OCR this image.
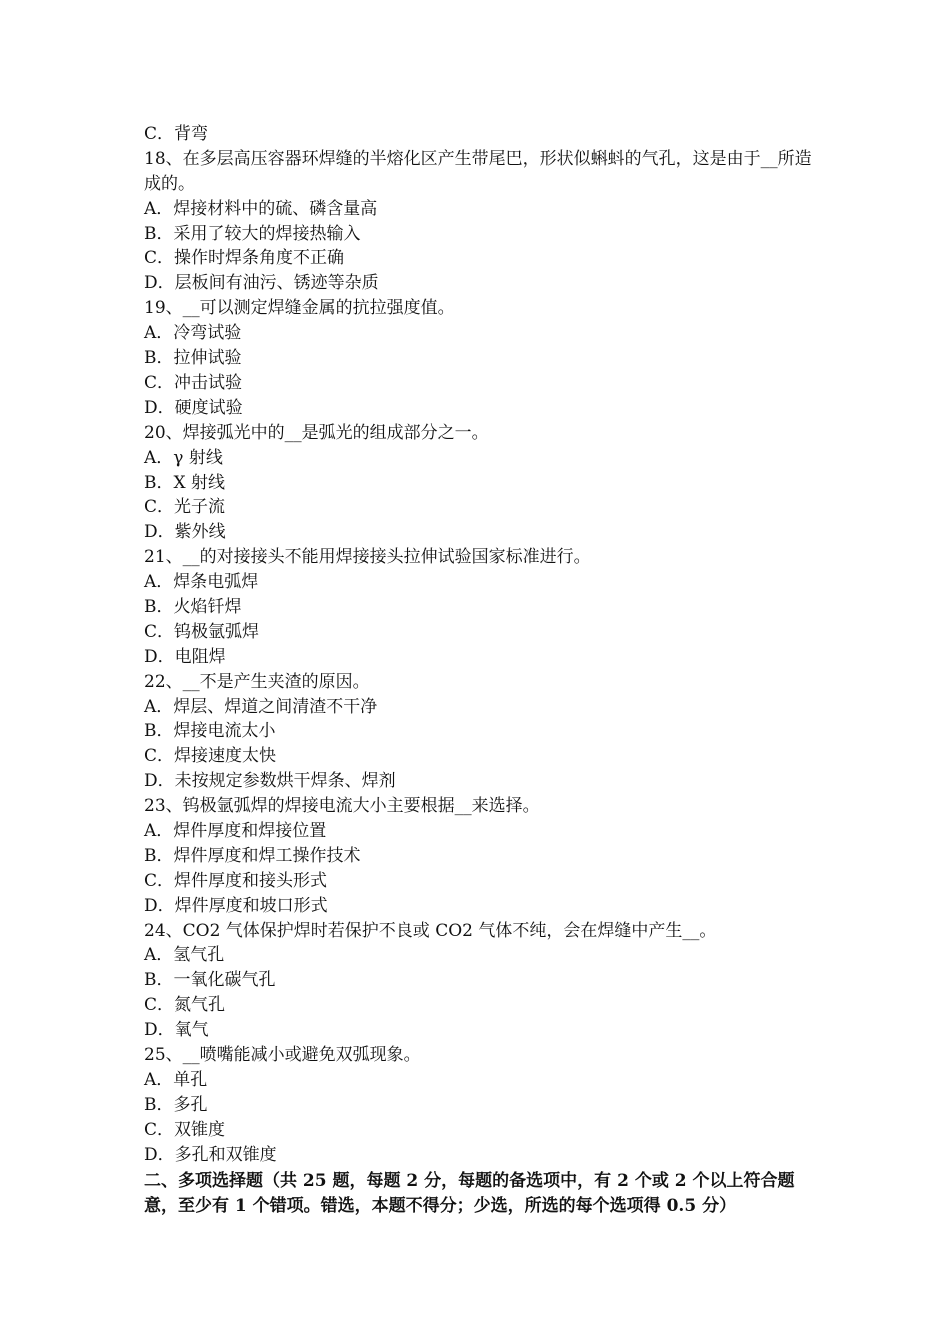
C．背弯
18、在多层高压容器环焊缝的半熔化区产生带尾巴，形状似蝌蚪的气孔，这是由于__所造成的。
A．焊接材料中的硫、磷含量高
B．采用了较大的焊接热输入
C．操作时焊条角度不正确
D．层板间有油污、锈迹等杂质
19、__可以测定焊缝金属的抗拉强度值。
A．冷弯试验
B．拉伸试验
C．冲击试验
D．硬度试验
20、焊接弧光中的__是弧光的组成部分之一。
A．γ 射线
B．X 射线
C．光子流
D．紫外线
21、__的对接接头不能用焊接接头拉伸试验国家标准进行。
A．焊条电弧焊
B．火焰钎焊
C．钨极氩弧焊
D．电阻焊
22、__不是产生夹渣的原因。
A．焊层、焊道之间清渣不干净
B．焊接电流太小
C．焊接速度太快
D．未按规定参数烘干焊条、焊剂
23、钨极氩弧焊的焊接电流大小主要根据__来选择。
A．焊件厚度和焊接位置
B．焊件厚度和焊工操作技术
C．焊件厚度和接头形式
D．焊件厚度和坡口形式
24、CO2 气体保护焊时若保护不良或 CO2 气体不纯，会在焊缝中产生__。
A．氢气孔
B．一氧化碳气孔
C．氮气孔
D．氧气
25、__喷嘴能减小或避免双弧现象。
A．单孔
B．多孔
C．双锥度
D．多孔和双锥度
二、多项选择题（共 25 题，每题 2 分，每题的备选项中，有 2 个或 2 个以上符合题意，至少有 1 个错项。错选，本题不得分；少选，所选的每个选项得 0.5 分）
